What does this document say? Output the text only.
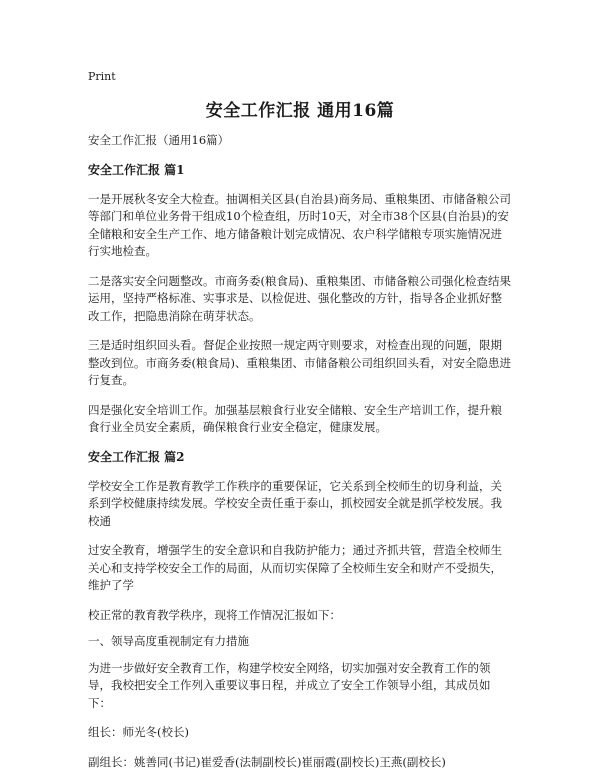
Print
安全工作汇报 通用16篇

安全工作汇报（通用16篇）

安全工作汇报 篇1

一是开展秋冬安全大检查。抽调相关区县(自治县)商务局、重粮集团、市储备粮公司等部门和单位业务骨干组成10个检查组，历时10天，对全市38个区县(自治县)的安全储粮和安全生产工作、地方储备粮计划完成情况、农户科学储粮专项实施情况进行实地检查。

二是落实安全问题整改。市商务委(粮食局)、重粮集团、市储备粮公司强化检查结果运用，坚持严格标准、实事求是、以检促进、强化整改的方针，指导各企业抓好整改工作，把隐患消除在萌芽状态。

三是适时组织回头看。督促企业按照一规定两守则要求，对检查出现的问题，限期整改到位。市商务委(粮食局)、重粮集团、市储备粮公司组织回头看，对安全隐患进行复查。

四是强化安全培训工作。加强基层粮食行业安全储粮、安全生产培训工作，提升粮食行业全员安全素质，确保粮食行业安全稳定，健康发展。

安全工作汇报 篇2

学校安全工作是教育教学工作秩序的重要保证，它关系到全校师生的切身利益，关系到学校健康持续发展。学校安全责任重于泰山，抓校园安全就是抓学校发展。我校通

过安全教育，增强学生的安全意识和自我防护能力；通过齐抓共管，营造全校师生关心和支持学校安全工作的局面，从而切实保障了全校师生安全和财产不受损失，维护了学

校正常的教育教学秩序，现将工作情况汇报如下：

一、领导高度重视制定有力措施

为进一步做好安全教育工作，构建学校安全网络，切实加强对安全教育工作的领导，我校把安全工作列入重要议事日程，并成立了安全工作领导小组，其成员如下：

组长：师光冬(校长)

副组长：姚善同(书记)崔爱香(法制副校长)崔丽霞(副校长)王燕(副校长)
